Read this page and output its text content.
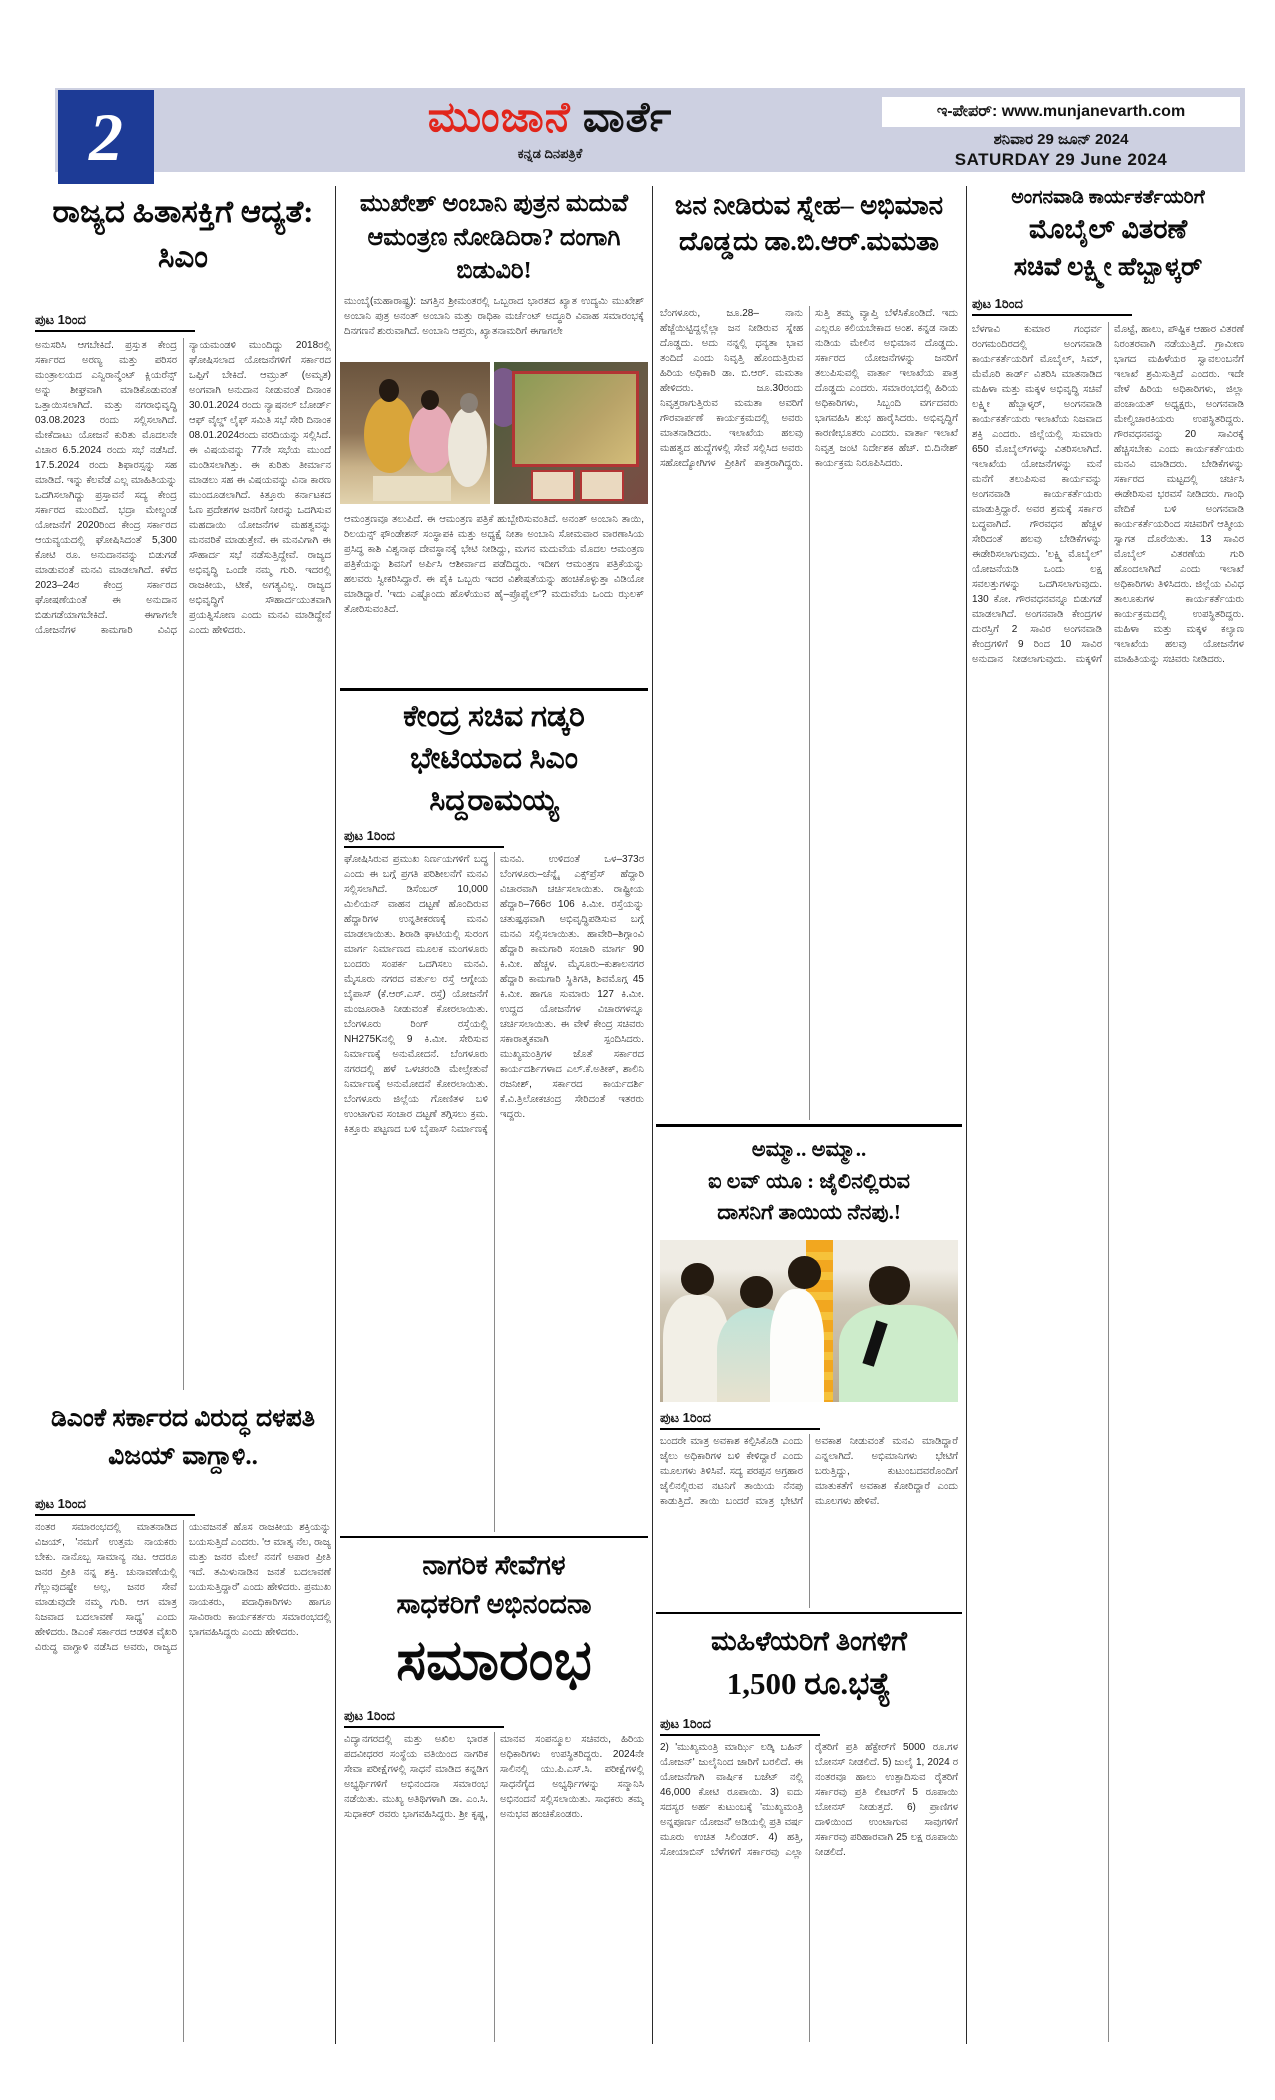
2	ಮುಂಜಾನೆ ವಾರ್ತೆ
ಕನ್ನಡ ದಿನಪತ್ರಿಕೆ
ಇ-ಪೇಪರ್: www.munjanevarth.com
ಶನಿವಾರ 29 ಜೂನ್ 2024
SATURDAY 29 June 2024
ರಾಜ್ಯದ ಹಿತಾಸಕ್ತಿಗೆ ಆದ್ಯತೆ: ಸಿಎಂ
ಪುಟ 1ರಿಂದ
ಅನುಸರಿಸಿ ಆಗಬೇಕಿದೆ. ಪ್ರಸ್ತುತ ಕೇಂದ್ರ ಸರ್ಕಾರದ ಅರಣ್ಯ ಮತ್ತು ಪರಿಸರ ಮಂತ್ರಾಲಯದ ಎನ್ವಿರಾನ್ಮೆಂಟ್ ಕ್ಲಿಯರೆನ್ಸ್ ಅನ್ನು ಶೀಘ್ರವಾಗಿ ಮಾಡಿಕೊಡುವಂತೆ ಒತ್ತಾಯಿಸಲಾಗಿದೆ. ಮತ್ತು ನಗರಾಭಿವೃದ್ಧಿ 03.08.2023 ರಂದು ಸಲ್ಲಿಸಲಾಗಿದೆ. ಮೇಕೆದಾಟು ಯೋಜನೆ ಕುರಿತು ಮೊದಲನೇ ವಿಚಾರ 6.5.2024 ರಂದು ಸಭೆ ನಡೆಸಿದೆ. 17.5.2024 ರಂದು ಶಿಫಾರಸ್ಸನ್ನು ಸಹ ಮಾಡಿದೆ. ಇನ್ನು ಕೆಲವೆಡೆ ಎಲ್ಲ ಮಾಹಿತಿಯನ್ನು ಒದಗಿಸಲಾಗಿದ್ದು ಪ್ರಸ್ತಾವನೆ ಸದ್ಯ ಕೇಂದ್ರ ಸರ್ಕಾರದ ಮುಂದಿದೆ. ಭದ್ರಾ ಮೇಲ್ದಂಡೆ ಯೋಜನೆಗೆ 2020ರಿಂದ ಕೇಂದ್ರ ಸರ್ಕಾರದ ಆಯವ್ಯಯದಲ್ಲಿ ಘೋಷಿಸಿದಂತೆ 5,300 ಕೋಟಿ ರೂ. ಅನುದಾನವನ್ನು ಬಿಡುಗಡೆ ಮಾಡುವಂತೆ ಮನವಿ ಮಾಡಲಾಗಿದೆ. ಕಳೆದ 2023–24ರ ಕೇಂದ್ರ ಸರ್ಕಾರದ ಘೋಷಣೆಯಂತೆ ಈ ಅನುದಾನ ಬಿಡುಗಡೆಯಾಗಬೇಕಿದೆ. ಈಗಾಗಲೇ ಯೋಜನೆಗಳ ಕಾಮಗಾರಿ ವಿವಿಧ ನ್ಯಾಯಮಂಡಳಿ ಮುಂದಿದ್ದು 2018ರಲ್ಲಿ ಘೋಷಿಸಲಾದ ಯೋಜನೆಗಳಿಗೆ ಸರ್ಕಾರದ ಒಪ್ಪಿಗೆ ಬೇಕಿದೆ. ಆಮ್ರುತ್ (ಅಮೃತ) ಅಂಗವಾಗಿ ಅನುದಾನ ನೀಡುವಂತೆ ದಿನಾಂಕ 30.01.2024 ರಂದು ನ್ಯಾಷನಲ್ ಬೋರ್ಡ್ ಆಫ್ ವೈಲ್ಡ್ ಲೈಫ್ ಸಮಿತಿ ಸಭೆ ಸೇರಿ ದಿನಾಂಕ 08.01.2024ರಂದು ವರದಿಯನ್ನು ಸಲ್ಲಿಸಿದೆ. ಈ ವಿಷಯವನ್ನು 77ನೇ ಸಭೆಯ ಮುಂದೆ ಮಂಡಿಸಲಾಗಿತ್ತು. ಈ ಕುರಿತು ತೀರ್ಮಾನ ಮಾಡಲು ಸಹ ಈ ವಿಷಯವನ್ನು ವಿನಾ ಕಾರಣ ಮುಂದೂಡಲಾಗಿದೆ. ಕಿತ್ತೂರು ಕರ್ನಾಟಕದ ಓಣ ಪ್ರದೇಶಗಳ ಜನರಿಗೆ ನೀರನ್ನು ಒದಗಿಸುವ ಮಹದಾಯಿ ಯೋಜನೆಗಳ ಮಹತ್ವವನ್ನು ಮನವರಿಕೆ ಮಾಡುತ್ತೇನೆ. ಈ ಮನವಿಗಾಗಿ ಈ ಸೌಹಾರ್ದ ಸಭೆ ನಡೆಸುತ್ತಿದ್ದೇವೆ. ರಾಜ್ಯದ ಅಭಿವೃದ್ಧಿ ಒಂದೇ ನಮ್ಮ ಗುರಿ. ಇದರಲ್ಲಿ ರಾಜಕೀಯ, ಟೀಕೆ, ಅಗತ್ಯವಿಲ್ಲ. ರಾಜ್ಯದ ಅಭಿವೃದ್ಧಿಗೆ ಸೌಹಾರ್ದಯುತವಾಗಿ ಪ್ರಯತ್ನಿಸೋಣ ಎಂದು ಮನವಿ ಮಾಡಿದ್ದೇನೆ ಎಂದು ಹೇಳಿದರು.
ಡಿಎಂಕೆ ಸರ್ಕಾರದ ವಿರುದ್ಧ ದಳಪತಿ ವಿಜಯ್ ವಾಗ್ದಾಳಿ..
ಪುಟ 1ರಿಂದ
ನಂತರ ಸಮಾರಂಭದಲ್ಲಿ ಮಾತನಾಡಿದ ವಿಜಯ್, 'ನಮಗೆ ಉತ್ತಮ ನಾಯಕರು ಬೇಕು. ನಾನೊಬ್ಬ ಸಾಮಾನ್ಯ ನಟ. ಆದರೂ ಜನರ ಪ್ರೀತಿ ನನ್ನ ಶಕ್ತಿ. ಚುನಾವಣೆಯಲ್ಲಿ ಗೆಲ್ಲುವುದಷ್ಟೇ ಅಲ್ಲ, ಜನರ ಸೇವೆ ಮಾಡುವುದೇ ನಮ್ಮ ಗುರಿ. ಆಗ ಮಾತ್ರ ನಿಜವಾದ ಬದಲಾವಣೆ ಸಾಧ್ಯ' ಎಂದು ಹೇಳಿದರು. ಡಿಎಂಕೆ ಸರ್ಕಾರದ ಆಡಳಿತ ವೈಖರಿ ವಿರುದ್ಧ ವಾಗ್ದಾಳಿ ನಡೆಸಿದ ಅವರು, ರಾಜ್ಯದ ಯುವಜನತೆ ಹೊಸ ರಾಜಕೀಯ ಶಕ್ತಿಯನ್ನು ಬಯಸುತ್ತಿದೆ ಎಂದರು. 'ಆ ಮಾತೃ ನೆಲ, ರಾಜ್ಯ ಮತ್ತು ಜನರ ಮೇಲೆ ನನಗೆ ಅಪಾರ ಪ್ರೀತಿ ಇದೆ. ತಮಿಳುನಾಡಿನ ಜನತೆ ಬದಲಾವಣೆ ಬಯಸುತ್ತಿದ್ದಾರೆ' ಎಂದು ಹೇಳಿದರು. ಪ್ರಮುಖ ನಾಯಕರು, ಪದಾಧಿಕಾರಿಗಳು ಹಾಗೂ ಸಾವಿರಾರು ಕಾರ್ಯಕರ್ತರು ಸಮಾರಂಭದಲ್ಲಿ ಭಾಗವಹಿಸಿದ್ದರು ಎಂದು ಹೇಳಿದರು.
ಮುಖೇಶ್ ಅಂಬಾನಿ ಪುತ್ರನ ಮದುವೆ ಆಮಂತ್ರಣ ನೋಡಿದಿರಾ? ದಂಗಾಗಿ ಬಿಡುವಿರಿ!
ಮುಂಬೈ(ಮಹಾರಾಷ್ಟ್ರ): ಜಗತ್ತಿನ ಶ್ರೀಮಂತರಲ್ಲಿ ಒಬ್ಬರಾದ ಭಾರತದ ಖ್ಯಾತ ಉದ್ಯಮಿ ಮುಖೇಶ್ ಅಂಬಾನಿ ಪುತ್ರ ಅನಂತ್ ಅಂಬಾನಿ ಮತ್ತು ರಾಧಿಕಾ ಮರ್ಚೆಂಟ್ ಅದ್ಧೂರಿ ವಿವಾಹ ಸಮಾರಂಭಕ್ಕೆ ದಿನಗಣನೆ ಶುರುವಾಗಿದೆ. ಅಂಬಾನಿ ಆಪ್ತರು, ಖ್ಯಾತನಾಮರಿಗೆ ಈಗಾಗಲೇ
ಆಮಂತ್ರಣವೂ ತಲುಪಿದೆ. ಈ ಆಮಂತ್ರಣ ಪತ್ರಿಕೆ ಹುಬ್ಬೇರಿಸುವಂತಿದೆ. ಅನಂತ್ ಅಂಬಾನಿ ತಾಯಿ, ರಿಲಯನ್ಸ್ ಫೌಂಡೇಶನ್ ಸಂಸ್ಥಾಪಕಿ ಮತ್ತು ಅಧ್ಯಕ್ಷೆ ನೀತಾ ಅಂಬಾನಿ ಸೋಮವಾರ ವಾರಣಾಸಿಯ ಪ್ರಸಿದ್ಧ ಕಾಶಿ ವಿಶ್ವನಾಥ ದೇವಸ್ಥಾನಕ್ಕೆ ಭೇಟಿ ನೀಡಿದ್ದು, ಮಗನ ಮದುವೆಯ ಮೊದಲ ಆಮಂತ್ರಣ ಪತ್ರಿಕೆಯನ್ನು ಶಿವನಿಗೆ ಅರ್ಪಿಸಿ ಆಶೀರ್ವಾದ ಪಡೆದಿದ್ದರು. ಇದೀಗ ಆಮಂತ್ರಣ ಪತ್ರಿಕೆಯನ್ನು ಹಲವರು ಸ್ವೀಕರಿಸಿದ್ದಾರೆ. ಈ ಪೈಕಿ ಒಬ್ಬರು ಇದರ ವಿಶೇಷತೆಯನ್ನು ಹಂಚಿಕೊಳ್ಳುತ್ತಾ ವಿಡಿಯೋ ಮಾಡಿದ್ದಾರೆ. 'ಇದು ಎಷ್ಟೊಂದು ಹೊಳೆಯುವ ಹೈ–ಪ್ರೊಫೈಲ್'? ಮದುವೆಯ ಒಂದು ಝಲಕ್ ತೋರಿಸುವಂತಿದೆ.
ಕೇಂದ್ರ ಸಚಿವ ಗಡ್ಕರಿ ಭೇಟಿಯಾದ ಸಿಎಂ ಸಿದ್ದರಾಮಯ್ಯ
ಪುಟ 1ರಿಂದ
ಘೋಷಿಸಿರುವ ಪ್ರಮುಖ ನಿರ್ಣಯಗಳಿಗೆ ಬದ್ಧ ಎಂದು ಈ ಬಗ್ಗೆ ಪ್ರಗತಿ ಪರಿಶೀಲನೆಗೆ ಮನವಿ ಸಲ್ಲಿಸಲಾಗಿದೆ. ಡಿಸೆಂಬರ್ 10,000 ಮಿಲಿಯನ್ ವಾಹನ ದಟ್ಟಣೆ ಹೊಂದಿರುವ ಹೆದ್ದಾರಿಗಳ ಉನ್ನತೀಕರಣಕ್ಕೆ ಮನವಿ ಮಾಡಲಾಯಿತು. ಶಿರಾಡಿ ಘಾಟಿಯಲ್ಲಿ ಸುರಂಗ ಮಾರ್ಗ ನಿರ್ಮಾಣದ ಮೂಲಕ ಮಂಗಳೂರು ಬಂದರು ಸಂಪರ್ಕ ಒದಗಿಸಲು ಮನವಿ. ಮೈಸೂರು ನಗರದ ವರ್ತುಲ ರಸ್ತೆ ಆಗ್ನೇಯ ಬೈಪಾಸ್ (ಕೆ.ಆರ್.ಎಸ್. ರಸ್ತೆ) ಯೋಜನೆಗೆ ಮಂಜೂರಾತಿ ನೀಡುವಂತೆ ಕೋರಲಾಯಿತು. ಬೆಂಗಳೂರು ರಿಂಗ್ ರಸ್ತೆಯಲ್ಲಿ NH275Kನಲ್ಲಿ 9 ಕಿ.ಮೀ. ಸೇರಿಸುವ ನಿರ್ಮಾಣಕ್ಕೆ ಅನುಮೋದನೆ. ಬೆಂಗಳೂರು ನಗರದಲ್ಲಿ ಹಳೆ ಒಳಚರಂಡಿ ಮೇಲ್ಸೇತುವೆ ನಿರ್ಮಾಣಕ್ಕೆ ಅನುಮೋದನೆ ಕೋರಲಾಯಿತು. ಬೆಂಗಳೂರು ಜಿಲ್ಲೆಯ ಗೋಣಿತಳ ಬಳಿ ಉಂಟಾಗುವ ಸಂಚಾರ ದಟ್ಟಣೆ ತಗ್ಗಿಸಲು ಕ್ರಮ. ಕಿತ್ತೂರು ಪಟ್ಟಣದ ಬಳಿ ಬೈಪಾಸ್ ನಿರ್ಮಾಣಕ್ಕೆ ಮನವಿ. ಉಳಿದಂತೆ ಒಳ–373ರ ಬೆಂಗಳೂರು–ಚೆನ್ನೈ ಎಕ್ಸ್‌ಪ್ರೆಸ್ ಹೆದ್ದಾರಿ ವಿಚಾರವಾಗಿ ಚರ್ಚಿಸಲಾಯಿತು. ರಾಷ್ಟ್ರೀಯ ಹೆದ್ದಾರಿ–766ರ 106 ಕಿ.ಮೀ. ರಸ್ತೆಯನ್ನು ಚತುಷ್ಪಥವಾಗಿ ಅಭಿವೃದ್ಧಿಪಡಿಸುವ ಬಗ್ಗೆ ಮನವಿ ಸಲ್ಲಿಸಲಾಯಿತು. ಹಾವೇರಿ–ಶಿಗ್ಗಾಂವಿ ಹೆದ್ದಾರಿ ಕಾಮಗಾರಿ ಸಂಚಾರಿ ಮಾರ್ಗ 90 ಕಿ.ಮೀ. ಹೆಚ್ಚಳ. ಮೈಸೂರು–ಕುಶಾಲನಗರ ಹೆದ್ದಾರಿ ಕಾಮಗಾರಿ ಸ್ಥಿತಿಗತಿ, ಶಿವಮೊಗ್ಗ 45 ಕಿ.ಮೀ. ಹಾಗೂ ಸುಮಾರು 127 ಕಿ.ಮೀ. ಉದ್ದದ ಯೋಜನೆಗಳ ವಿಚಾರಗಳನ್ನೂ ಚರ್ಚಿಸಲಾಯಿತು. ಈ ವೇಳೆ ಕೇಂದ್ರ ಸಚಿವರು ಸಕಾರಾತ್ಮಕವಾಗಿ ಸ್ಪಂದಿಸಿದರು. ಮುಖ್ಯಮಂತ್ರಿಗಳ ಜೊತೆ ಸರ್ಕಾರದ ಕಾರ್ಯದರ್ಶಿಗಳಾದ ಎಲ್.ಕೆ.ಅತೀಕ್, ಶಾಲಿನಿ ರಜನೀಶ್, ಸರ್ಕಾರದ ಕಾರ್ಯದರ್ಶಿ ಕೆ.ವಿ.ತ್ರಿಲೋಕಚಂದ್ರ ಸೇರಿದಂತೆ ಇತರರು ಇದ್ದರು.
ನಾಗರಿಕ ಸೇವೆಗಳ
ಸಾಧಕರಿಗೆ ಅಭಿನಂದನಾ
ಸಮಾರಂಭ
ಪುಟ 1ರಿಂದ
ವಿದ್ಯಾನಗರದಲ್ಲಿ ಮತ್ತು ಅಖಿಲ ಭಾರತ ಪದವೀಧರರ ಸಂಸ್ಥೆಯ ವತಿಯಿಂದ ನಾಗರಿಕ ಸೇವಾ ಪರೀಕ್ಷೆಗಳಲ್ಲಿ ಸಾಧನೆ ಮಾಡಿದ ಕನ್ನಡಿಗ ಅಭ್ಯರ್ಥಿಗಳಿಗೆ ಅಭಿನಂದನಾ ಸಮಾರಂಭ ನಡೆಯಿತು. ಮುಖ್ಯ ಅತಿಥಿಗಳಾಗಿ ಡಾ. ಎಂ.ಸಿ. ಸುಧಾಕರ್ ರವರು ಭಾಗವಹಿಸಿದ್ದರು. ಶ್ರೀ ಕೃಷ್ಣ, ಮಾನವ ಸಂಪನ್ಮೂಲ ಸಚಿವರು, ಹಿರಿಯ ಅಧಿಕಾರಿಗಳು ಉಪಸ್ಥಿತರಿದ್ದರು. 2024ನೇ ಸಾಲಿನಲ್ಲಿ ಯು.ಪಿ.ಎಸ್.ಸಿ. ಪರೀಕ್ಷೆಗಳಲ್ಲಿ ಸಾಧನೆಗೈದ ಅಭ್ಯರ್ಥಿಗಳನ್ನು ಸನ್ಮಾನಿಸಿ ಅಭಿನಂದನೆ ಸಲ್ಲಿಸಲಾಯಿತು. ಸಾಧಕರು ತಮ್ಮ ಅನುಭವ ಹಂಚಿಕೊಂಡರು.
ಜನ ನೀಡಿರುವ ಸ್ನೇಹ– ಅಭಿಮಾನ ದೊಡ್ಡದು ಡಾ.ಬಿ.ಆರ್.ಮಮತಾ
ಬೆಂಗಳೂರು, ಜೂ.28– ನಾನು ಹೆಜ್ಜೆಯಿಟ್ಟಿದ್ದಲ್ಲೆಲ್ಲಾ ಜನ ನೀಡಿರುವ ಸ್ನೇಹ ದೊಡ್ಡದು. ಅದು ನನ್ನಲ್ಲಿ ಧನ್ಯತಾ ಭಾವ ತಂದಿದೆ ಎಂದು ನಿವೃತ್ತಿ ಹೊಂದುತ್ತಿರುವ ಹಿರಿಯ ಅಧಿಕಾರಿ ಡಾ. ಬಿ.ಆರ್. ಮಮತಾ ಹೇಳಿದರು. ಜೂ.30ರಂದು ನಿವೃತ್ತರಾಗುತ್ತಿರುವ ಮಮತಾ ಅವರಿಗೆ ಗೌರವಾರ್ಪಣೆ ಕಾರ್ಯಕ್ರಮದಲ್ಲಿ ಅವರು ಮಾತನಾಡಿದರು. ಇಲಾಖೆಯ ಹಲವು ಮಹತ್ವದ ಹುದ್ದೆಗಳಲ್ಲಿ ಸೇವೆ ಸಲ್ಲಿಸಿದ ಅವರು ಸಹೋದ್ಯೋಗಿಗಳ ಪ್ರೀತಿಗೆ ಪಾತ್ರರಾಗಿದ್ದರು. ಸುತ್ತಿ ತಮ್ಮ ವ್ಯಾಪ್ತಿ ಬೆಳೆಸಿಕೊಂಡಿದೆ. ಇದು ಎಲ್ಲರೂ ಕಲಿಯಬೇಕಾದ ಅಂಶ. ಕನ್ನಡ ನಾಡು ನುಡಿಯ ಮೇಲಿನ ಅಭಿಮಾನ ದೊಡ್ಡದು. ಸರ್ಕಾರದ ಯೋಜನೆಗಳನ್ನು ಜನರಿಗೆ ತಲುಪಿಸುವಲ್ಲಿ ವಾರ್ತಾ ಇಲಾಖೆಯ ಪಾತ್ರ ದೊಡ್ಡದು ಎಂದರು. ಸಮಾರಂಭದಲ್ಲಿ ಹಿರಿಯ ಅಧಿಕಾರಿಗಳು, ಸಿಬ್ಬಂದಿ ವರ್ಗದವರು ಭಾಗವಹಿಸಿ ಶುಭ ಹಾರೈಸಿದರು. ಅಭಿವೃದ್ಧಿಗೆ ಕಾರಣೀಭೂತರು ಎಂದರು. ವಾರ್ತಾ ಇಲಾಖೆ ನಿವೃತ್ತ ಜಂಟಿ ನಿರ್ದೇಶಕ ಹೆಚ್. ಬಿ.ದಿನೇಶ್ ಕಾರ್ಯಕ್ರಮ ನಿರೂಪಿಸಿದರು.
ಅಮ್ಮಾ.. ಅಮ್ಮಾ..
ಐ ಲವ್ ಯೂ : ಜೈಲಿನಲ್ಲಿರುವ
ದಾಸನಿಗೆ ತಾಯಿಯ ನೆನಪು.!
ಪುಟ 1ರಿಂದ
ಬಂದರೇ ಮಾತ್ರ ಅವಕಾಶ ಕಲ್ಪಿಸಿಕೊಡಿ ಎಂದು ಜೈಲು ಅಧಿಕಾರಿಗಳ ಬಳಿ ಕೇಳಿದ್ದಾರೆ ಎಂದು ಮೂಲಗಳು ತಿಳಿಸಿವೆ. ಸದ್ಯ ಪರಪ್ಪನ ಅಗ್ರಹಾರ ಜೈಲಿನಲ್ಲಿರುವ ನಟನಿಗೆ ತಾಯಿಯ ನೆನಪು ಕಾಡುತ್ತಿದೆ. ತಾಯಿ ಬಂದರೆ ಮಾತ್ರ ಭೇಟಿಗೆ ಅವಕಾಶ ನೀಡುವಂತೆ ಮನವಿ ಮಾಡಿದ್ದಾರೆ ಎನ್ನಲಾಗಿದೆ. ಅಭಿಮಾನಿಗಳು ಭೇಟಿಗೆ ಬರುತ್ತಿದ್ದು, ಕುಟುಂಬದವರೊಂದಿಗೆ ಮಾತುಕತೆಗೆ ಅವಕಾಶ ಕೋರಿದ್ದಾರೆ ಎಂದು ಮೂಲಗಳು ಹೇಳಿವೆ.
ಮಹಿಳೆಯರಿಗೆ ತಿಂಗಳಿಗೆ
1,500 ರೂ.ಭತ್ಯೆ
ಪುಟ 1ರಿಂದ
2) 'ಮುಖ್ಯಮಂತ್ರಿ ಮಾರ್ಝಿ ಲಡ್ಕಿ ಬಹಿನ್ ಯೋಜನ್' ಜುಲೈನಿಂದ ಜಾರಿಗೆ ಬರಲಿದೆ. ಈ ಯೋಜನೆಗಾಗಿ ವಾರ್ಷಿಕ ಬಜೆಟ್ ನಲ್ಲಿ 46,000 ಕೋಟಿ ರೂಪಾಯಿ. 3) ಐದು ಸದಸ್ಯರ ಅರ್ಹ ಕುಟುಂಬಕ್ಕೆ 'ಮುಖ್ಯಮಂತ್ರಿ ಅನ್ನಪೂರ್ಣ ಯೋಜನೆ' ಅಡಿಯಲ್ಲಿ ಪ್ರತಿ ವರ್ಷ ಮೂರು ಉಚಿತ ಸಿಲಿಂಡರ್. 4) ಹತ್ತಿ, ಸೋಯಾಬಿನ್ ಬೆಳೆಗಳಿಗೆ ಸರ್ಕಾರವು ಎಲ್ಲಾ ರೈತರಿಗೆ ಪ್ರತಿ ಹೆಕ್ಟೇರ್‌ಗೆ 5000 ರೂ.ಗಳ ಬೋನಸ್ ನೀಡಲಿದೆ. 5) ಜುಲೈ 1, 2024 ರ ನಂತರವೂ ಹಾಲು ಉತ್ಪಾದಿಸುವ ರೈತರಿಗೆ ಸರ್ಕಾರವು ಪ್ರತಿ ಲೀಟರ್‌ಗೆ 5 ರೂಪಾಯಿ ಬೋನಸ್ ನೀಡುತ್ತದೆ. 6) ಪ್ರಾಣಿಗಳ ದಾಳಿಯಿಂದ ಉಂಟಾಗುವ ಸಾವುಗಳಿಗೆ ಸರ್ಕಾರವು ಪರಿಹಾರವಾಗಿ 25 ಲಕ್ಷ ರೂಪಾಯಿ ನೀಡಲಿದೆ.
ಅಂಗನವಾಡಿ ಕಾರ್ಯಕರ್ತೆಯರಿಗೆ
ಮೊಬೈಲ್ ವಿತರಣೆ
ಸಚಿವೆ ಲಕ್ಷ್ಮೀ ಹೆಬ್ಬಾಳ್ಕರ್
ಪುಟ 1ರಿಂದ
ಬೆಳಗಾವಿ ಕುಮಾರ ಗಂಧರ್ವ ರಂಗಮಂದಿರದಲ್ಲಿ ಅಂಗನವಾಡಿ ಕಾರ್ಯಕರ್ತೆಯರಿಗೆ ಮೊಬೈಲ್, ಸಿಮ್, ಮೆಮೊರಿ ಕಾರ್ಡ್ ವಿತರಿಸಿ ಮಾತನಾಡಿದ ಮಹಿಳಾ ಮತ್ತು ಮಕ್ಕಳ ಅಭಿವೃದ್ಧಿ ಸಚಿವೆ ಲಕ್ಷ್ಮೀ ಹೆಬ್ಬಾಳ್ಕರ್, ಅಂಗನವಾಡಿ ಕಾರ್ಯಕರ್ತೆಯರು ಇಲಾಖೆಯ ನಿಜವಾದ ಶಕ್ತಿ ಎಂದರು. ಜಿಲ್ಲೆಯಲ್ಲಿ ಸುಮಾರು 650 ಮೊಬೈಲ್‌ಗಳನ್ನು ವಿತರಿಸಲಾಗಿದೆ. ಇಲಾಖೆಯ ಯೋಜನೆಗಳನ್ನು ಮನೆ ಮನೆಗೆ ತಲುಪಿಸುವ ಕಾರ್ಯವನ್ನು ಅಂಗನವಾಡಿ ಕಾರ್ಯಕರ್ತೆಯರು ಮಾಡುತ್ತಿದ್ದಾರೆ. ಅವರ ಶ್ರಮಕ್ಕೆ ಸರ್ಕಾರ ಬದ್ಧವಾಗಿದೆ. ಗೌರವಧನ ಹೆಚ್ಚಳ ಸೇರಿದಂತೆ ಹಲವು ಬೇಡಿಕೆಗಳನ್ನು ಈಡೇರಿಸಲಾಗುವುದು. 'ಲಕ್ಷ್ಮಿ ಮೊಬೈಲ್' ಯೋಜನೆಯಡಿ ಒಂದು ಲಕ್ಷ ಸವಲತ್ತುಗಳನ್ನು ಒದಗಿಸಲಾಗುವುದು. 130 ಕೋ. ಗೌರವಧನವನ್ನೂ ಬಿಡುಗಡೆ ಮಾಡಲಾಗಿದೆ. ಅಂಗನವಾಡಿ ಕೇಂದ್ರಗಳ ದುರಸ್ತಿಗೆ 2 ಸಾವಿರ ಅಂಗನವಾಡಿ ಕೇಂದ್ರಗಳಿಗೆ 9 ರಿಂದ 10 ಸಾವಿರ ಅನುದಾನ ನೀಡಲಾಗುವುದು. ಮಕ್ಕಳಿಗೆ ಮೊಟ್ಟೆ, ಹಾಲು, ಪೌಷ್ಟಿಕ ಆಹಾರ ವಿತರಣೆ ನಿರಂತರವಾಗಿ ನಡೆಯುತ್ತಿದೆ. ಗ್ರಾಮೀಣ ಭಾಗದ ಮಹಿಳೆಯರ ಸ್ವಾವಲಂಬನೆಗೆ ಇಲಾಖೆ ಶ್ರಮಿಸುತ್ತಿದೆ ಎಂದರು. ಇದೇ ವೇಳೆ ಹಿರಿಯ ಅಧಿಕಾರಿಗಳು, ಜಿಲ್ಲಾ ಪಂಚಾಯತ್ ಅಧ್ಯಕ್ಷರು, ಅಂಗನವಾಡಿ ಮೇಲ್ವಿಚಾರಕಿಯರು ಉಪಸ್ಥಿತರಿದ್ದರು. ಗೌರವಧನವನ್ನು 20 ಸಾವಿರಕ್ಕೆ ಹೆಚ್ಚಿಸಬೇಕು ಎಂದು ಕಾರ್ಯಕರ್ತೆಯರು ಮನವಿ ಮಾಡಿದರು. ಬೇಡಿಕೆಗಳನ್ನು ಸರ್ಕಾರದ ಮಟ್ಟದಲ್ಲಿ ಚರ್ಚಿಸಿ ಈಡೇರಿಸುವ ಭರವಸೆ ನೀಡಿದರು. ಗಾಂಧಿ ವೇದಿಕೆ ಬಳಿ ಅಂಗನವಾಡಿ ಕಾರ್ಯಕರ್ತೆಯರಿಂದ ಸಚಿವರಿಗೆ ಆತ್ಮೀಯ ಸ್ವಾಗತ ದೊರೆಯಿತು. 13 ಸಾವಿರ ಮೊಬೈಲ್ ವಿತರಣೆಯ ಗುರಿ ಹೊಂದಲಾಗಿದೆ ಎಂದು ಇಲಾಖೆ ಅಧಿಕಾರಿಗಳು ತಿಳಿಸಿದರು. ಜಿಲ್ಲೆಯ ವಿವಿಧ ತಾಲೂಕುಗಳ ಕಾರ್ಯಕರ್ತೆಯರು ಕಾರ್ಯಕ್ರಮದಲ್ಲಿ ಉಪಸ್ಥಿತರಿದ್ದರು. ಮಹಿಳಾ ಮತ್ತು ಮಕ್ಕಳ ಕಲ್ಯಾಣ ಇಲಾಖೆಯ ಹಲವು ಯೋಜನೆಗಳ ಮಾಹಿತಿಯನ್ನು ಸಚಿವರು ನೀಡಿದರು.
